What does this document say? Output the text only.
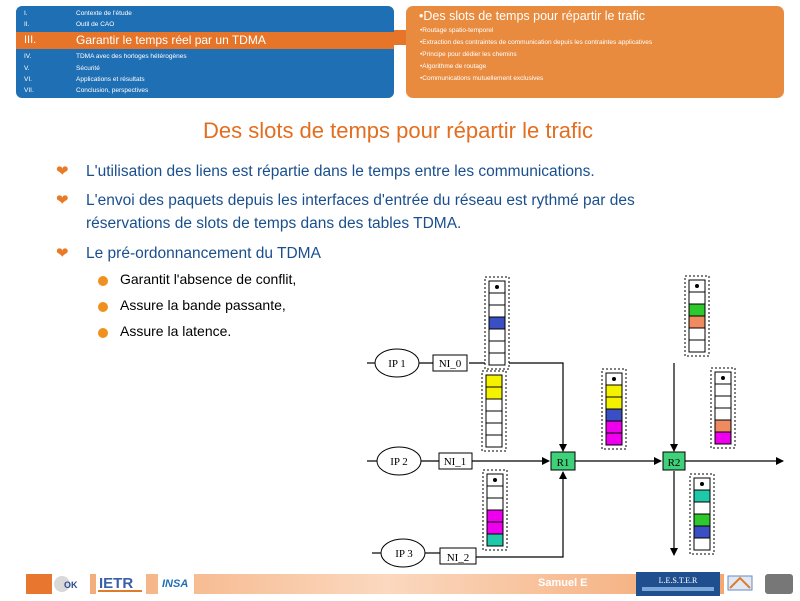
I.	Contexte de l'étude
II.	Outil de CAO
III.	Garantir le temps réel par un TDMA
IV.	TDMA avec des horloges hétérogènes
V.	Sécurité
VI.	Applications et résultats
VII.	Conclusion, perspectives
•Des slots de temps pour répartir le trafic
•Routage spatio-temporel
•Extraction des contraintes de communication depuis les contraintes applicatives
•Principe pour dédier les chemins
•Algorithme de routage
•Communications mutuellement exclusives
Des slots de temps pour répartir le trafic
❤ L'utilisation des liens est répartie dans le temps entre les communications.
❤ L'envoi des paquets depuis les interfaces d'entrée du réseau est rythmé par des
réservations de slots de temps dans des tables TDMA.
❤ Le pré-ordonnancement du TDMA
Garantit l'absence de conflit,
Assure la bande passante,
Assure la latence.
IP 1
IP 2
IP 3
NI_0
NI_1
NI_2
R1	R2
OK IETR	INSA	Samuel E	L.E.S.T.E.R
